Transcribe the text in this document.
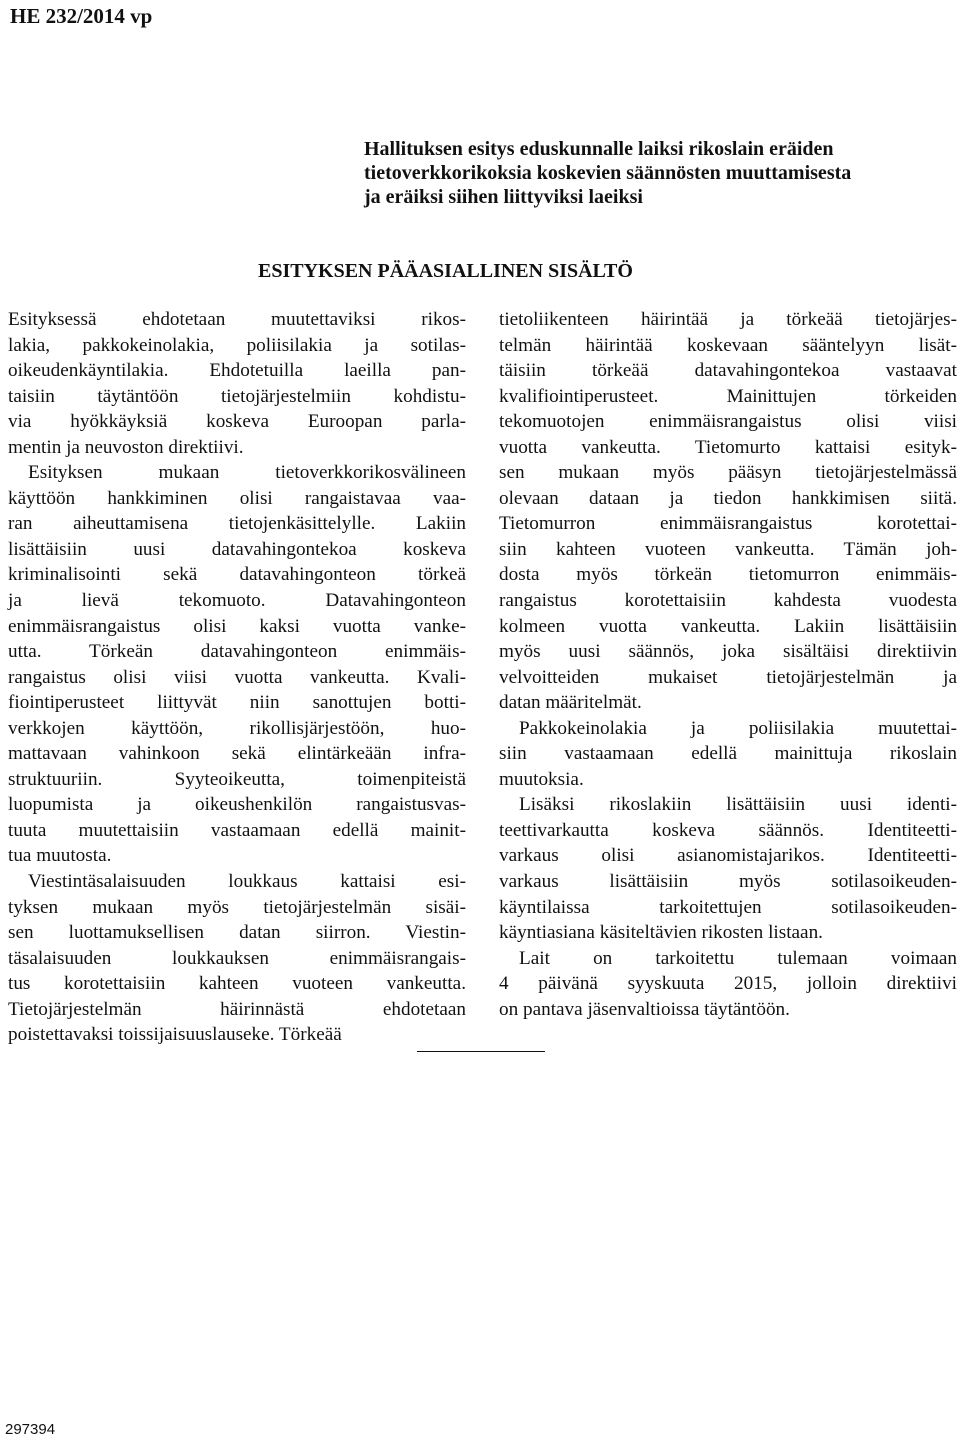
HE 232/2014 vp
Hallituksen esitys eduskunnalle laiksi rikoslain eräiden
tietoverkkorikoksia koskevien säännösten muuttamisesta
ja eräiksi siihen liittyviksi laeiksi
ESITYKSEN PÄÄASIALLINEN SISÄLTÖ
Esityksessä ehdotetaan muutettaviksi rikos-
lakia, pakkokeinolakia, poliisilakia ja sotilas-
oikeudenkäyntilakia. Ehdotetuilla laeilla pan-
taisiin täytäntöön tietojärjestelmiin kohdistu-
via hyökkäyksiä koskeva Euroopan parla-
mentin ja neuvoston direktiivi.
Esityksen mukaan tietoverkkorikosvälineen
käyttöön hankkiminen olisi rangaistavaa vaa-
ran aiheuttamisena tietojenkäsittelylle. Lakiin
lisättäisiin uusi datavahingontekoa koskeva
kriminalisointi sekä datavahingonteon törkeä
ja lievä tekomuoto. Datavahingonteon
enimmäisrangaistus olisi kaksi vuotta vanke-
utta. Törkeän datavahingonteon enimmäis-
rangaistus olisi viisi vuotta vankeutta. Kvali-
fiointiperusteet liittyvät niin sanottujen botti-
verkkojen käyttöön, rikollisjärjestöön, huo-
mattavaan vahinkoon sekä elintärkeään infra-
struktuuriin. Syyteoikeutta, toimenpiteistä
luopumista ja oikeushenkilön rangaistusvas-
tuuta muutettaisiin vastaamaan edellä mainit-
tua muutosta.
Viestintäsalaisuuden loukkaus kattaisi esi-
tyksen mukaan myös tietojärjestelmän sisäi-
sen luottamuksellisen datan siirron. Viestin-
täsalaisuuden loukkauksen enimmäisrangais-
tus korotettaisiin kahteen vuoteen vankeutta.
Tietojärjestelmän häirinnästä ehdotetaan
poistettavaksi toissijaisuuslauseke. Törkeää
tietoliikenteen häirintää ja törkeää tietojärjes-
telmän häirintää koskevaan sääntelyyn lisät-
täisiin törkeää datavahingontekoa vastaavat
kvalifiointiperusteet. Mainittujen törkeiden
tekomuotojen enimmäisrangaistus olisi viisi
vuotta vankeutta. Tietomurto kattaisi esityk-
sen mukaan myös pääsyn tietojärjestelmässä
olevaan dataan ja tiedon hankkimisen siitä.
Tietomurron enimmäisrangaistus korotettai-
siin kahteen vuoteen vankeutta. Tämän joh-
dosta myös törkeän tietomurron enimmäis-
rangaistus korotettaisiin kahdesta vuodesta
kolmeen vuotta vankeutta. Lakiin lisättäisiin
myös uusi säännös, joka sisältäisi direktiivin
velvoitteiden mukaiset tietojärjestelmän ja
datan määritelmät.
Pakkokeinolakia ja poliisilakia muutettai-
siin vastaamaan edellä mainittuja rikoslain
muutoksia.
Lisäksi rikoslakiin lisättäisiin uusi identi-
teettivarkautta koskeva säännös. Identiteetti-
varkaus olisi asianomistajarikos. Identiteetti-
varkaus lisättäisiin myös sotilasoikeuden-
käyntilaissa tarkoitettujen sotilasoikeuden-
käyntiasiana käsiteltävien rikosten listaan.
Lait on tarkoitettu tulemaan voimaan
4 päivänä syyskuuta 2015, jolloin direktiivi
on pantava jäsenvaltioissa täytäntöön.
297394
